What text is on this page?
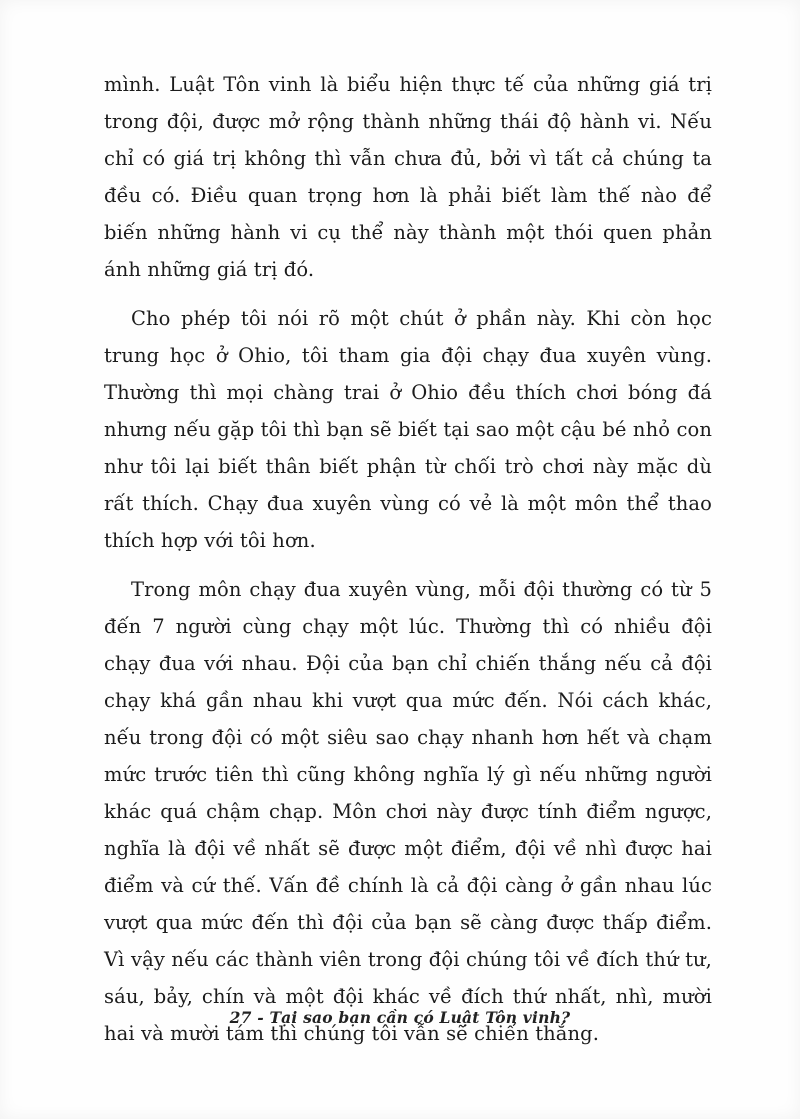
mình. Luật Tôn vinh là biểu hiện thực tế của những giá trị trong đội, được mở rộng thành những thái độ hành vi. Nếu chỉ có giá trị không thì vẫn chưa đủ, bởi vì tất cả chúng ta đều có. Điều quan trọng hơn là phải biết làm thế nào để biến những hành vi cụ thể này thành một thói quen phản ánh những giá trị đó.

Cho phép tôi nói rõ một chút ở phần này. Khi còn học trung học ở Ohio, tôi tham gia đội chạy đua xuyên vùng. Thường thì mọi chàng trai ở Ohio đều thích chơi bóng đá nhưng nếu gặp tôi thì bạn sẽ biết tại sao một cậu bé nhỏ con như tôi lại biết thân biết phận từ chối trò chơi này mặc dù rất thích. Chạy đua xuyên vùng có vẻ là một môn thể thao thích hợp với tôi hơn.

Trong môn chạy đua xuyên vùng, mỗi đội thường có từ 5 đến 7 người cùng chạy một lúc. Thường thì có nhiều đội chạy đua với nhau. Đội của bạn chỉ chiến thắng nếu cả đội chạy khá gần nhau khi vượt qua mức đến. Nói cách khác, nếu trong đội có một siêu sao chạy nhanh hơn hết và chạm mức trước tiên thì cũng không nghĩa lý gì nếu những người khác quá chậm chạp. Môn chơi này được tính điểm ngược, nghĩa là đội về nhất sẽ được một điểm, đội về nhì được hai điểm và cứ thế. Vấn đề chính là cả đội càng ở gần nhau lúc vượt qua mức đến thì đội của bạn sẽ càng được thấp điểm. Vì vậy nếu các thành viên trong đội chúng tôi về đích thứ tư, sáu, bảy, chín và một đội khác về đích thứ nhất, nhì, mười hai và mười tám thì chúng tôi vẫn sẽ chiến thắng.

27 - Tại sao bạn cần có Luật Tôn vinh?
